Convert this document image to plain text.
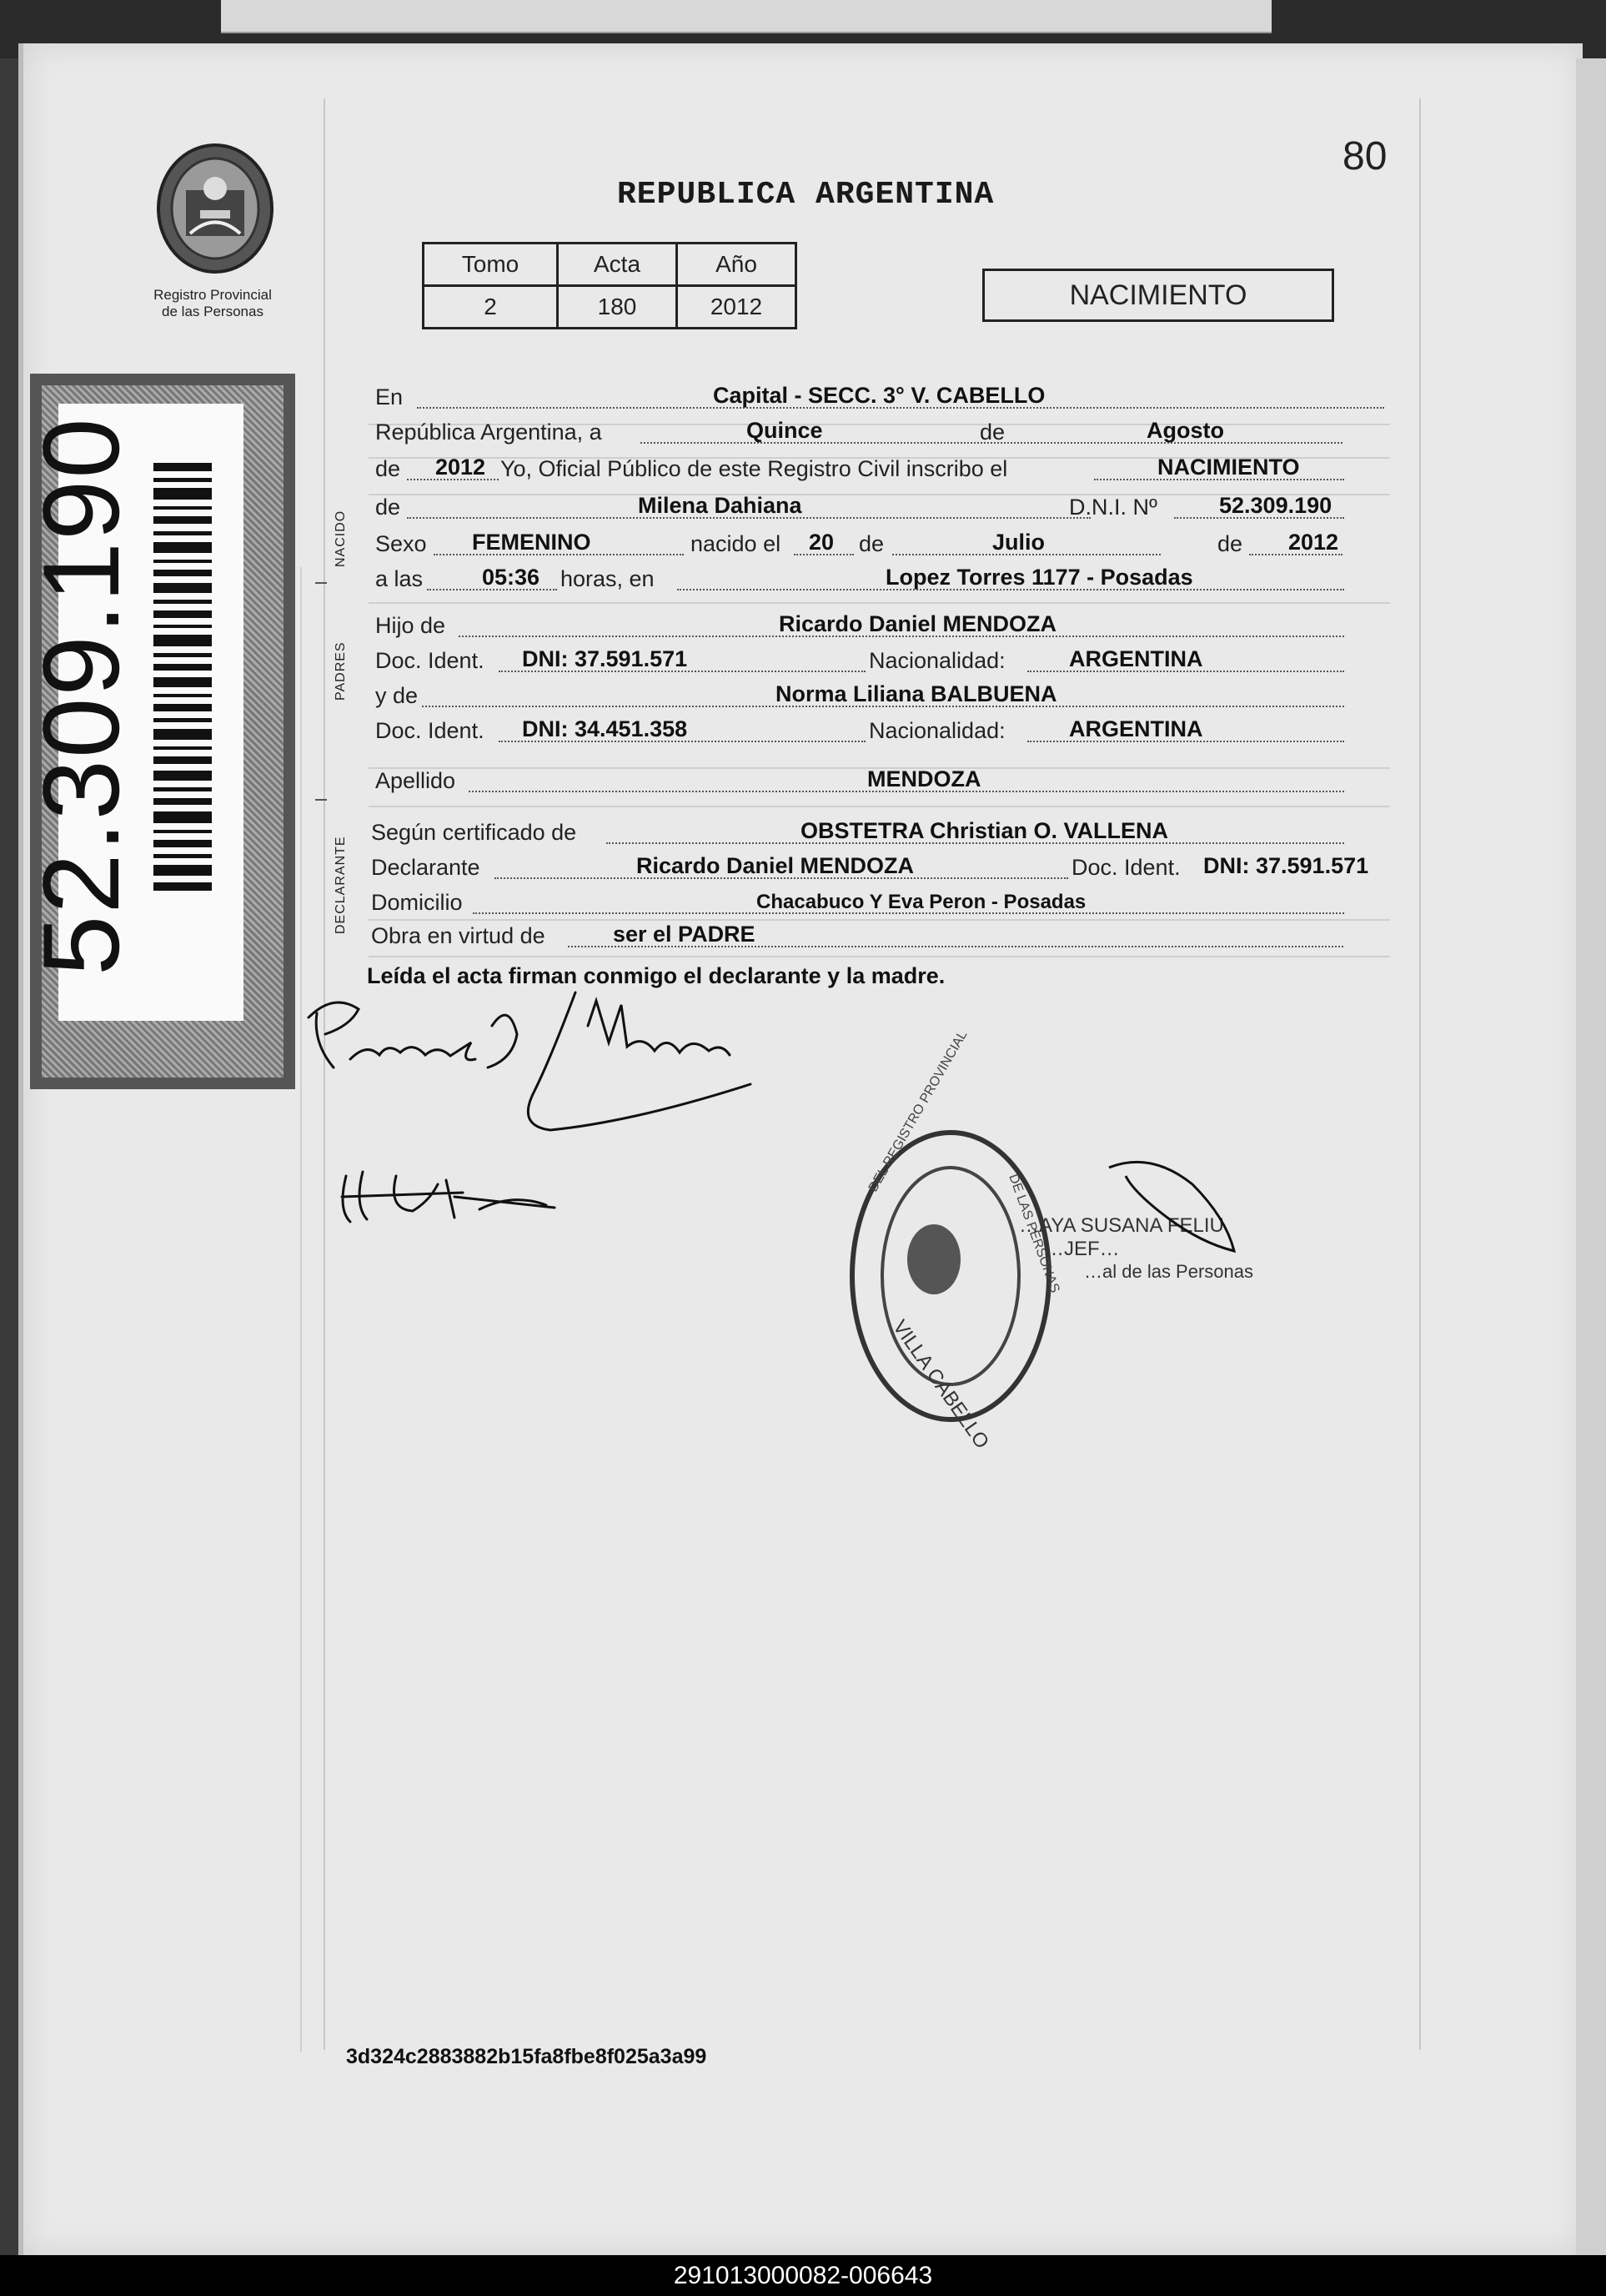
80
REPUBLICA ARGENTINA
Registro Provincial
de las Personas
Tomo	Acta	Año
2	180	2012	NACIMIENTO
52.309.190	NACIDO
PADRES
DECLARANTE
En	Capital - SECC. 3° V. CABELLO
República Argentina, a	Quince	de	Agosto
de 2012 Yo, Oficial Público de este Registro Civil inscribo el	NACIMIENTO
de	Milena Dahiana	D.N.I. Nº	52.309.190
Sexo FEMENINO	nacido el 20 de	Julio	de 2012
a las	05:36 horas, en	Lopez Torres 1177 - Posadas
Hijo de	Ricardo Daniel MENDOZA
Doc. Ident. DNI: 37.591.571	Nacionalidad:	ARGENTINA
y de	Norma Liliana BALBUENA
Doc. Ident. DNI: 34.451.358	Nacionalidad:	ARGENTINA
Apellido	MENDOZA
Según certificado de	OBSTETRA Christian O. VALLENA
Declarante	Ricardo Daniel MENDOZA	Doc. Ident. DNI: 37.591.571
Domicilio	Chacabuco Y Eva Peron - Posadas
Obra en virtud de	ser el PADRE
Leída el acta firman conmigo el declarante y la madre.
VILLA CABELLO
DEL REGISTRO PROVINCIAL
DE LAS PERSONAS
…AYA SUSANA FELIU
…JEF…
…al de las Personas
3d324c2883882b15fa8fbe8f025a3a99
291013000082-006643
